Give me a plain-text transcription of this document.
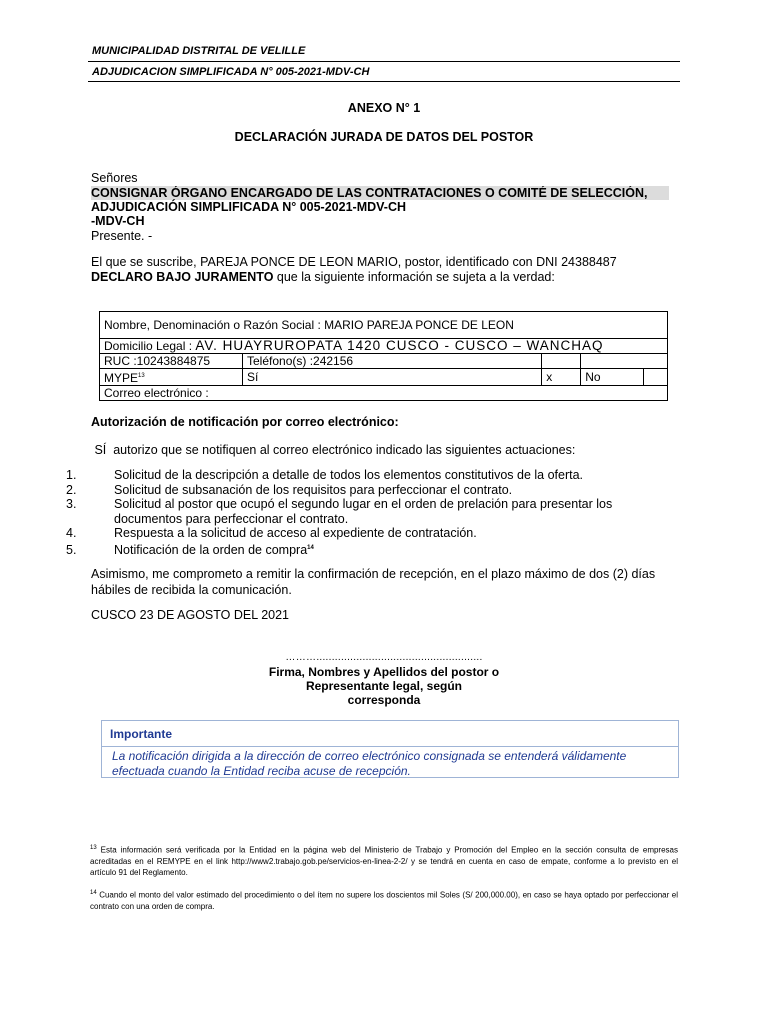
MUNICIPALIDAD DISTRITAL DE VELILLE
ADJUDICACION SIMPLIFICADA N° 005-2021-MDV-CH
ANEXO N° 1
DECLARACIÓN JURADA DE DATOS DEL POSTOR
Señores
CONSIGNAR ÓRGANO ENCARGADO DE LAS CONTRATACIONES O COMITÉ DE SELECCIÓN,
ADJUDICACIÓN SIMPLIFICADA N° 005-2021-MDV-CH
-MDV-CH
Presente. -
El que se suscribe, PAREJA PONCE DE LEON MARIO, postor, identificado con DNI 24388487
DECLARO BAJO JURAMENTO que la siguiente información se sujeta a la verdad:
Nombre, Denominación o Razón Social : MARIO PAREJA PONCE DE LEON				
Domicilio Legal : AV. HUAYRUROPATA 1420 CUSCO - CUSCO – WANCHAQ				
RUC :10243884875	Teléfono(s) :242156			
MYPE$^{13}$	Sí	x	No	
Correo electrónico :				
Autorización de notificación por correo electrónico:
SÍ  autorizo que se notifiquen al correo electrónico indicado las siguientes actuaciones:
1.	Solicitud de la descripción a detalle de todos los elementos constitutivos de la oferta.
2.	Solicitud de subsanación de los requisitos para perfeccionar el contrato.
3.	Solicitud al postor que ocupó el segundo lugar en el orden de prelación para presentar los documentos para perfeccionar el contrato.
4.	Respuesta a la solicitud de acceso al expediente de contratación.
5.	Notificación de la orden de compra$^{14}$
Asimismo, me comprometo a remitir la confirmación de recepción, en el plazo máximo de dos (2) días hábiles de recibida la comunicación.
CUSCO 23 DE AGOSTO DEL 2021
………......................................................
Firma, Nombres y Apellidos del postor o
Representante legal, según
corresponda
Importante
La notificación dirigida a la dirección de correo electrónico consignada se entenderá válidamente efectuada cuando la Entidad reciba acuse de recepción.
$^{13}$ Esta información será verificada por la Entidad en la página web del Ministerio de Trabajo y Promoción del Empleo en la sección consulta de empresas acreditadas en el REMYPE en el link http://www2.trabajo.gob.pe/servicios-en-linea-2-2/ y se tendrá en cuenta en caso de empate, conforme a lo previsto en el artículo 91 del Reglamento.
$^{14}$ Cuando el monto del valor estimado del procedimiento o del ítem no supere los doscientos mil Soles (S/ 200,000.00), en caso se haya optado por perfeccionar el contrato con una orden de compra.
